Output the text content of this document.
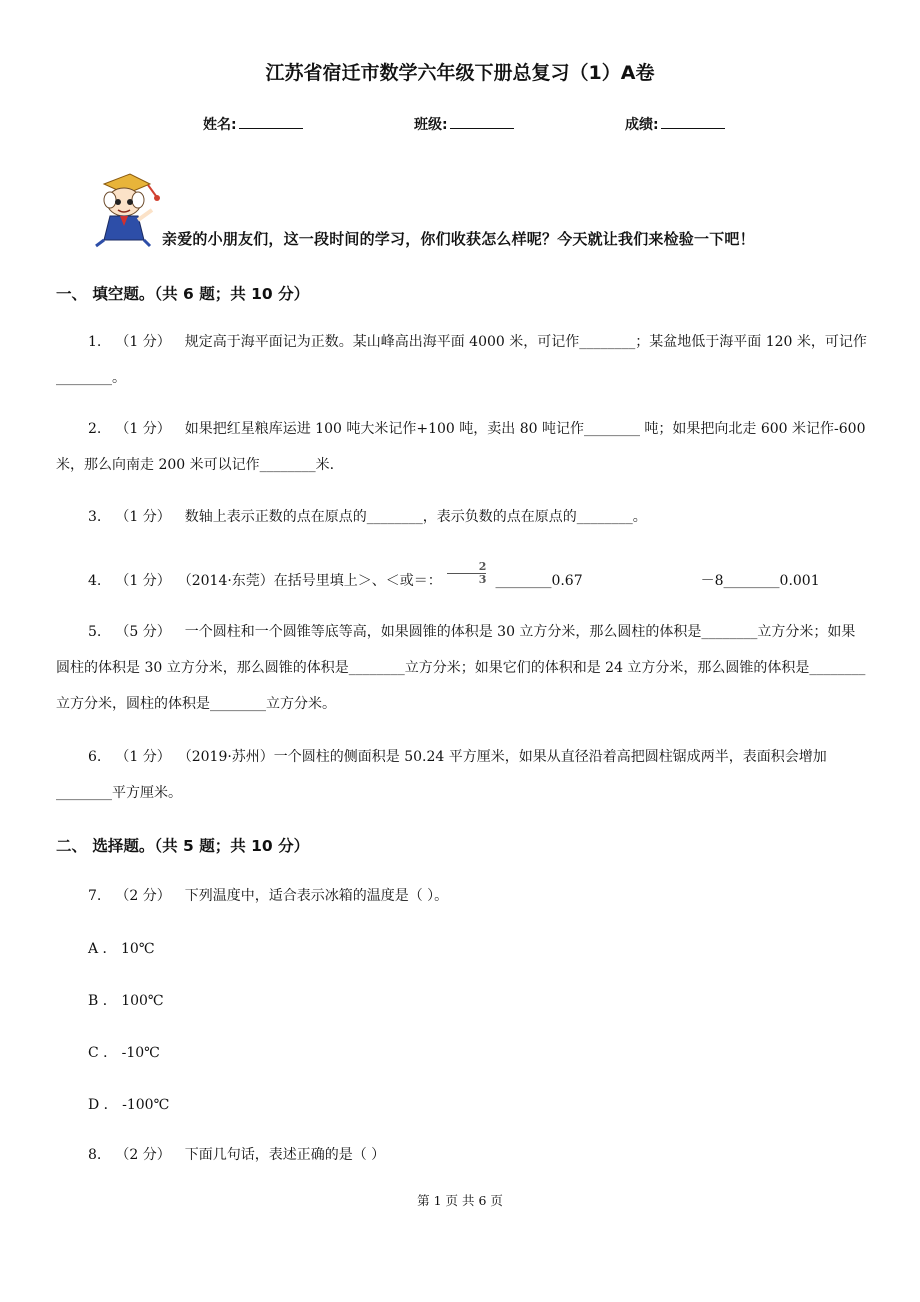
江苏省宿迁市数学六年级下册总复习（1）A卷
姓名:	班级:	成绩:
亲爱的小朋友们，这一段时间的学习，你们收获怎么样呢？今天就让我们来检验一下吧！
一、 填空题。（共 6 题；共 10 分）
1. （1 分） 规定高于海平面记为正数。某山峰高出海平面 4000 米，可记作________；某盆地低于海平面 120 米，可记作________。
2. （1 分） 如果把红星粮库运进 100 吨大米记作+100 吨，卖出 80 吨记作________ 吨；如果把向北走 600 米记作-600 米，那么向南走 200 米可以记作________米.
3. （1 分） 数轴上表示正数的点在原点的________，表示负数的点在原点的________。
4. （1 分） （2014·东莞）在括号里填上＞、＜或＝： $\frac{2}{3}$ ________0.67	－8________0.001
5. （5 分） 一个圆柱和一个圆锥等底等高，如果圆锥的体积是 30 立方分米，那么圆柱的体积是________立方分米；如果圆柱的体积是 30 立方分米，那么圆锥的体积是________立方分米；如果它们的体积和是 24 立方分米，那么圆锥的体积是________立方分米，圆柱的体积是________立方分米。
6. （1 分） （2019·苏州）一个圆柱的侧面积是 50.24 平方厘米，如果从直径沿着高把圆柱锯成两半，表面积会增加________平方厘米。
二、 选择题。（共 5 题；共 10 分）
7. （2 分） 下列温度中，适合表示冰箱的温度是（ ）。
A ． 10℃
B ． 100℃
C ． -10℃
D ． -100℃
8. （2 分） 下面几句话，表述正确的是（ ）
第 1 页 共 6 页
